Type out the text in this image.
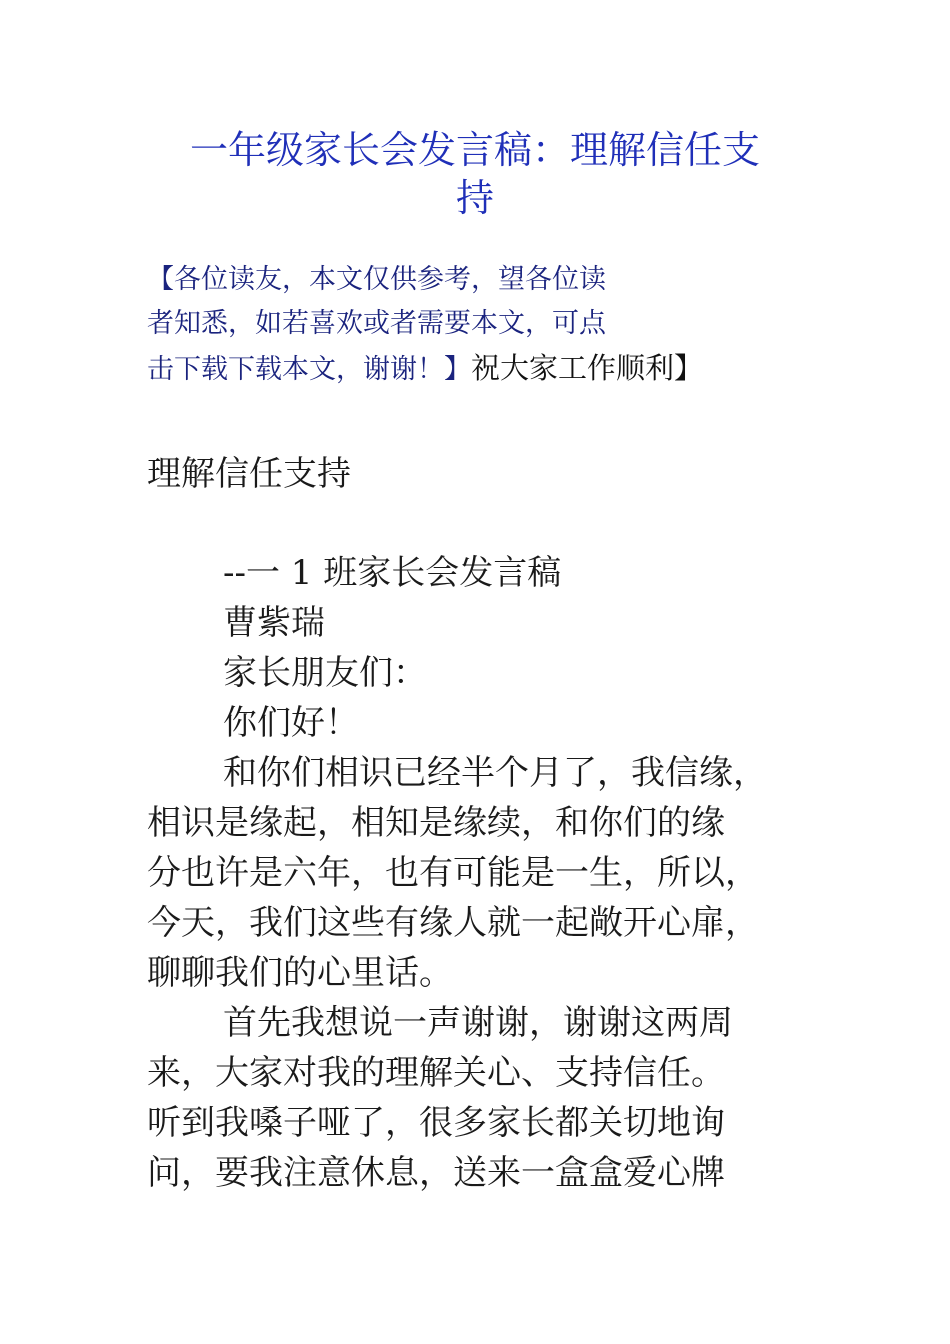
一年级家长会发言稿：理解信任支
持
【各位读友，本文仅供参考，望各位读
者知悉，如若喜欢或者需要本文，可点
击下载下载本文，谢谢！】祝大家工作顺利】
理解信任支持
--一 1 班家长会发言稿
曹紫瑞
家长朋友们：
你们好！
和你们相识已经半个月了，我信缘，
相识是缘起，相知是缘续，和你们的缘
分也许是六年，也有可能是一生，所以，
今天，我们这些有缘人就一起敞开心扉，
聊聊我们的心里话。
首先我想说一声谢谢，谢谢这两周
来，大家对我的理解关心、支持信任。
听到我嗓子哑了，很多家长都关切地询
问，要我注意休息，送来一盒盒爱心牌
